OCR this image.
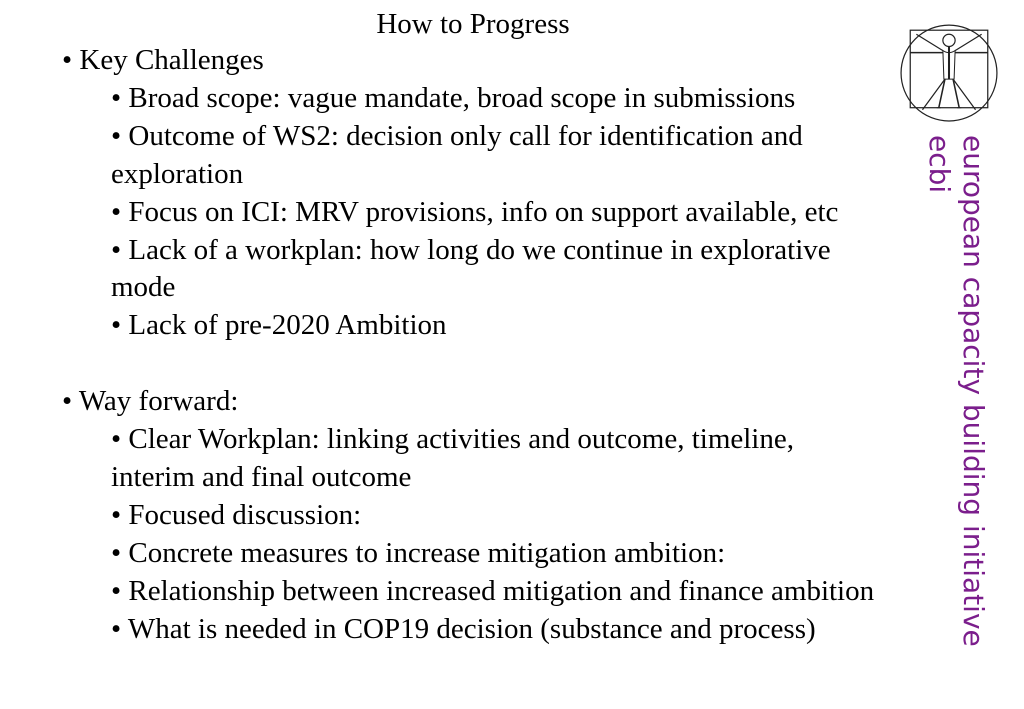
How to Progress

• Key Challenges

• Broad scope: vague mandate, broad scope in submissions

• Outcome of WS2: decision only call for identification and exploration

• Focus on ICI: MRV provisions, info on support available, etc

• Lack of a workplan: how long do we continue in explorative mode

• Lack of pre-2020 Ambition

• Way forward:

• Clear Workplan: linking activities and outcome, timeline, interim and final outcome

• Focused discussion:

• Concrete measures to increase mitigation ambition:

• Relationship between increased mitigation and finance ambition

• What is needed in COP19 decision (substance and process)	european capacity building initiative
ecbi
